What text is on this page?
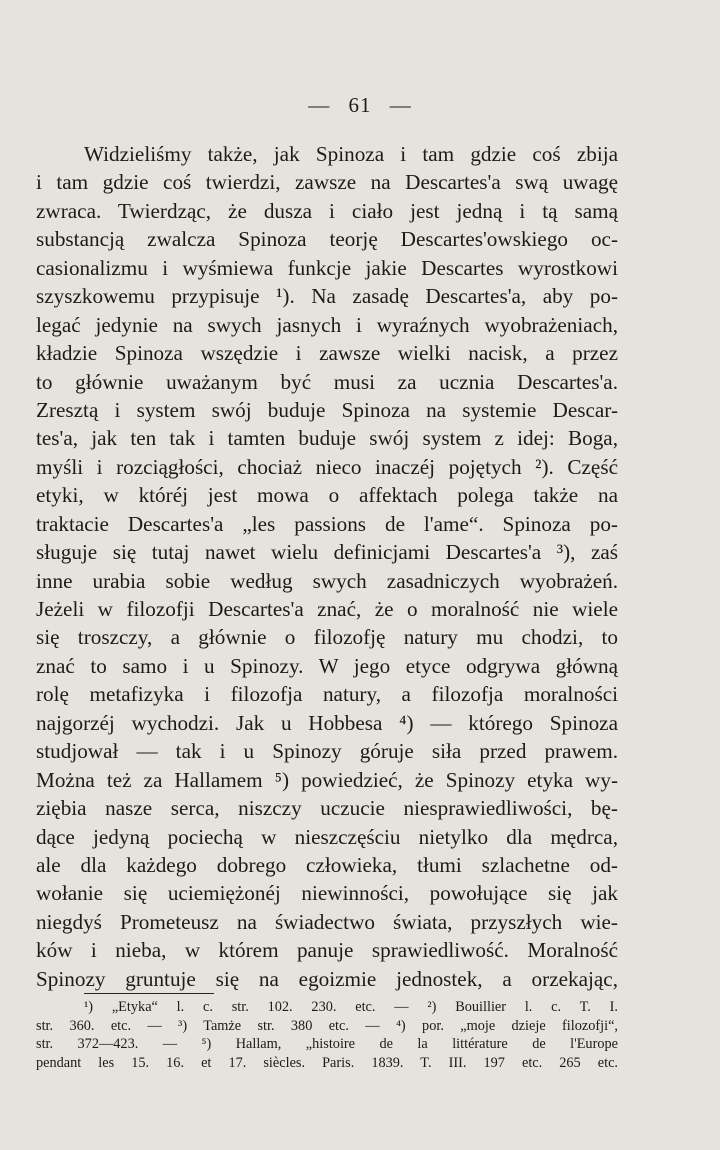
— 61 —
Widzieliśmy także, jak Spinoza i tam gdzie coś zbija
i tam gdzie coś twierdzi, zawsze na Descartes'a swą uwagę
zwraca. Twierdząc, że dusza i ciało jest jedną i tą samą
substancją zwalcza Spinoza teorję Descartes'owskiego oc-
casionalizmu i wyśmiewa funkcje jakie Descartes wyrostkowi
szyszkowemu przypisuje ¹). Na zasadę Descartes'a, aby po-
legać jedynie na swych jasnych i wyraźnych wyobrażeniach,
kładzie Spinoza wszędzie i zawsze wielki nacisk, a przez
to głównie uważanym być musi za ucznia Descartes'a.
Zresztą i system swój buduje Spinoza na systemie Descar-
tes'a, jak ten tak i tamten buduje swój system z idej: Boga,
myśli i rozciągłości, chociaż nieco inaczéj pojętych ²). Część
etyki, w któréj jest mowa o affektach polega także na
traktacie Descartes'a „les passions de l'ame“. Spinoza po-
sługuje się tutaj nawet wielu definicjami Descartes'a ³), zaś
inne urabia sobie według swych zasadniczych wyobrażeń.
Jeżeli w filozofji Descartes'a znać, że o moralność nie wiele
się troszczy, a głównie o filozofję natury mu chodzi, to
znać to samo i u Spinozy. W jego etyce odgrywa główną
rolę metafizyka i filozofja natury, a filozofja moralności
najgorzéj wychodzi. Jak u Hobbesa ⁴) — którego Spinoza
studjował — tak i u Spinozy góruje siła przed prawem.
Można też za Hallamem ⁵) powiedzieć, że Spinozy etyka wy-
ziębia nasze serca, niszczy uczucie niesprawiedliwości, bę-
dące jedyną pociechą w nieszczęściu nietylko dla mędrca,
ale dla każdego dobrego człowieka, tłumi szlachetne od-
wołanie się uciemiężonéj niewinności, powołujące się jak
niegdyś Prometeusz na świadectwo świata, przyszłych wie-
ków i nieba, w którem panuje sprawiedliwość. Moralność
Spinozy gruntuje się na egoizmie jednostek, a orzekając,
¹) „Etyka“ l. c. str. 102. 230. etc. — ²) Bouillier l. c. T. I.
str. 360. etc. — ³) Tamże str. 380 etc. — ⁴) por. „moje dzieje filozofji“,
str. 372—423. — ⁵) Hallam, „histoire de la littérature de l'Europe
pendant les 15. 16. et 17. siècles. Paris. 1839. T. III. 197 etc. 265 etc.
